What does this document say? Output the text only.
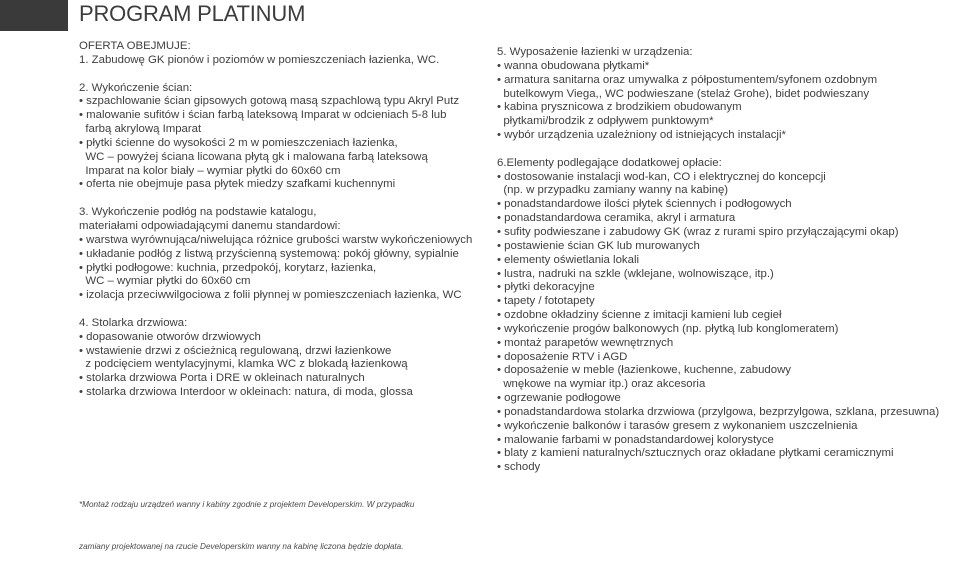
PROGRAM PLATINUM
OFERTA OBEJMUJE:
1. Zabudowę GK pionów i poziomów w pomieszczeniach łazienka, WC.
2. Wykończenie ścian:
• szpachlowanie ścian gipsowych gotową masą szpachlową typu Akryl Putz
• malowanie sufitów i ścian farbą lateksową Imparat w odcieniach 5-8 lub
farbą akrylową Imparat
• płytki ścienne do wysokości 2 m w pomieszczeniach łazienka,
WC – powyżej ściana licowana płytą gk i malowana farbą lateksową
Imparat na kolor biały – wymiar płytki do 60x60 cm
• oferta nie obejmuje pasa płytek miedzy szafkami kuchennymi
3. Wykończenie podłóg na podstawie katalogu,
materiałami odpowiadającymi danemu standardowi:
• warstwa wyrównująca/niwelująca różnice grubości warstw wykończeniowych
• układanie podłóg z listwą przyścienną systemową: pokój główny, sypialnie
• płytki podłogowe: kuchnia, przedpokój, korytarz, łazienka,
WC – wymiar płytki do 60x60 cm
• izolacja przeciwwilgociowa z folii płynnej w pomieszczeniach łazienka, WC
4. Stolarka drzwiowa:
• dopasowanie otworów drzwiowych
• wstawienie drzwi z ościeżnicą regulowaną, drzwi łazienkowe
z podcięciem wentylacyjnymi, klamka WC z blokadą łazienkową
• stolarka drzwiowa Porta i DRE w okleinach naturalnych
• stolarka drzwiowa Interdoor w okleinach: natura, di moda, glossa
5. Wyposażenie łazienki w urządzenia:
• wanna obudowana płytkami*
• armatura sanitarna oraz umywalka z półpostumentem/syfonem ozdobnym
butelkowym Viega,, WC podwieszane (stelaż Grohe), bidet podwieszany
• kabina prysznicowa z brodzikiem obudowanym
płytkami/brodzik z odpływem punktowym*
• wybór urządzenia uzależniony od istniejących instalacji*
6.Elementy podlegające dodatkowej opłacie:
• dostosowanie instalacji wod-kan, CO i elektrycznej do koncepcji
(np. w przypadku zamiany wanny na kabinę)
• ponadstandardowe ilości płytek ściennych i podłogowych
• ponadstandardowa ceramika, akryl i armatura
• sufity podwieszane i zabudowy GK (wraz z rurami spiro przyłączającymi okap)
• postawienie ścian GK lub murowanych
• elementy oświetlania lokali
• lustra, nadruki na szkle (wklejane, wolnowiszące, itp.)
• płytki dekoracyjne
• tapety / fototapety
• ozdobne okładziny ścienne z imitacji kamieni lub cegieł
• wykończenie progów balkonowych (np. płytką lub konglomeratem)
• montaż parapetów wewnętrznych
• doposażenie RTV i AGD
• doposażenie w meble (łazienkowe, kuchenne, zabudowy
wnękowe na wymiar itp.) oraz akcesoria
• ogrzewanie podłogowe
• ponadstandardowa stolarka drzwiowa (przylgowa, bezprzylgowa, szklana, przesuwna)
• wykończenie balkonów i tarasów gresem z wykonaniem uszczelnienia
• malowanie farbami w ponadstandardowej kolorystyce
• blaty z kamieni naturalnych/sztucznych oraz okładane płytkami ceramicznymi
• schody

*Montaż rodzaju urządzeń wanny i kabiny zgodnie z projektem Developerskim. W przypadku

zamiany projektowanej na rzucie Developerskim wanny na kabinę liczona będzie dopłata.
